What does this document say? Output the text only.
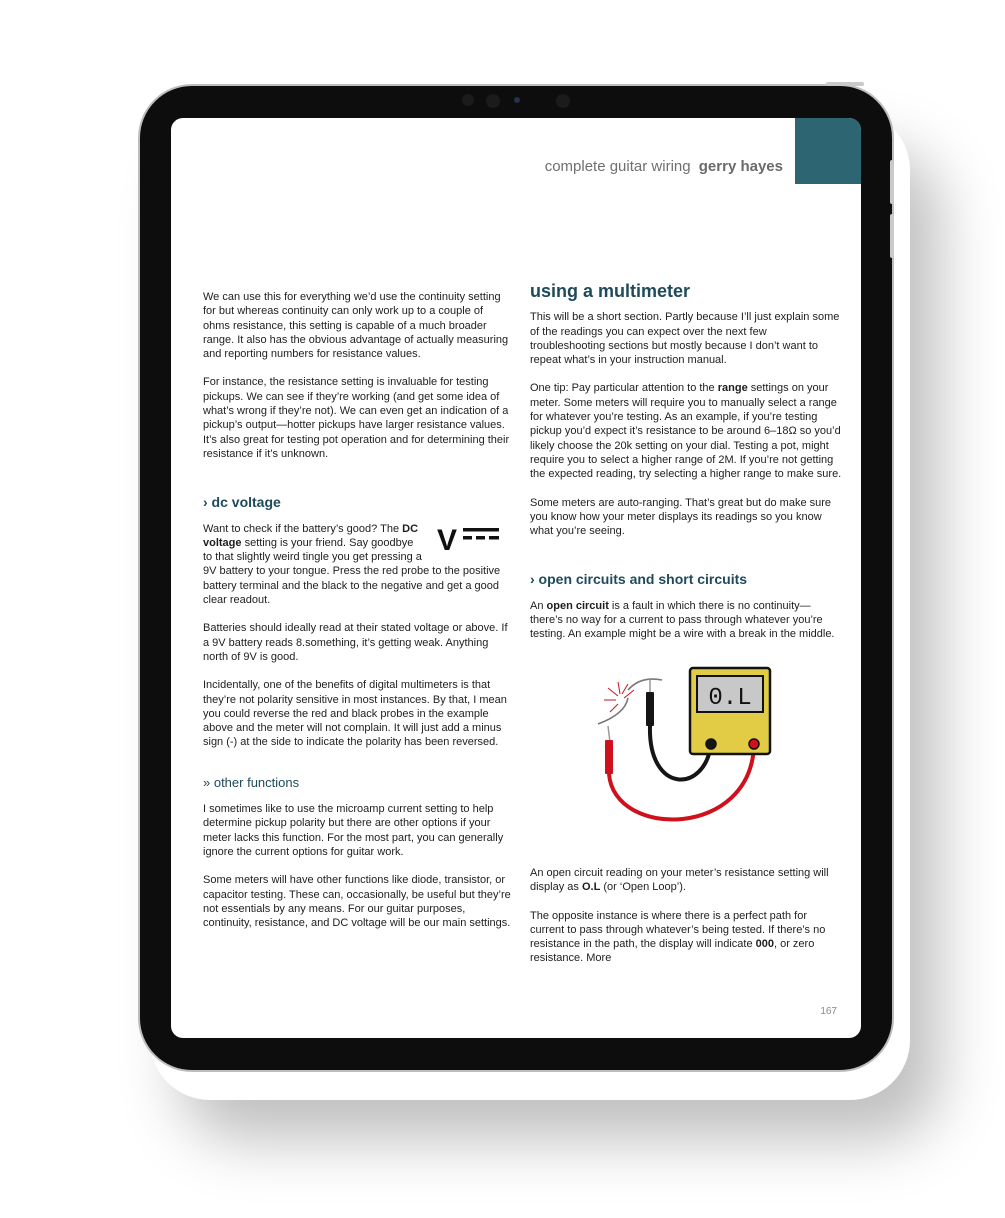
complete guitar wiring gerry hayes

We can use this for everything we’d use the continuity setting for but whereas continuity can only work up to a couple of ohms resistance, this setting is capable of a much broader range. It also has the obvious advantage of actually measuring and reporting numbers for resistance values.

For instance, the resistance setting is invaluable for testing pickups. We can see if they’re working (and get some idea of what’s wrong if they’re not). We can even get an indication of a pickup’s output—hotter pickups have larger resistance values. It’s also great for testing pot operation and for determining their resistance if it’s unknown.

› dc voltage
V

Want to check if the battery’s good? The DC voltage setting is your friend. Say goodbye to that slightly weird tingle you get pressing a 9V battery to your tongue. Press the red probe to the positive battery terminal and the black to the negative and get a good clear readout.

Batteries should ideally read at their stated voltage or above. If a 9V battery reads 8.something, it’s getting weak. Anything north of 9V is good.

Incidentally, one of the benefits of digital multimeters is that they’re not polarity sensitive in most instances. By that, I mean you could reverse the red and black probes in the example above and the meter will not complain. It will just add a minus sign (-) at the side to indicate the polarity has been reversed.

» other functions

I sometimes like to use the microamp current setting to help determine pickup polarity but there are other options if your meter lacks this function. For the most part, you can generally ignore the current options for guitar work.

Some meters will have other functions like diode, transistor, or capacitor testing. These can, occasionally, be useful but they’re not essentials by any means. For our guitar purposes, continuity, resistance, and DC voltage will be our main settings.

using a multimeter

This will be a short section. Partly because I’ll just explain some of the readings you can expect over the next few troubleshooting sections but mostly because I don’t want to repeat what’s in your instruction manual.

One tip: Pay particular attention to the range settings on your meter. Some meters will require you to manually select a range for whatever you’re testing. As an example, if you’re testing pickup you’d expect it’s resistance to be around 6–18Ω so you’d likely choose the 20k setting on your dial. Testing a pot, might require you to select a higher range of 2M. If you’re not getting the expected reading, try selecting a higher range to make sure.

Some meters are auto-ranging. That’s great but do make sure you know how your meter displays its readings so you know what you’re seeing.

› open circuits and short circuits

An open circuit is a fault in which there is no continuity—there’s no way for a current to pass through whatever you’re testing. An example might be a wire with a break in the middle.

0.L

An open circuit reading on your meter’s resistance setting will display as O.L (or ‘Open Loop’).

The opposite instance is where there is a perfect path for current to pass through whatever’s being tested. If there’s no resistance in the path, the display will indicate 000, or zero resistance. More

167
